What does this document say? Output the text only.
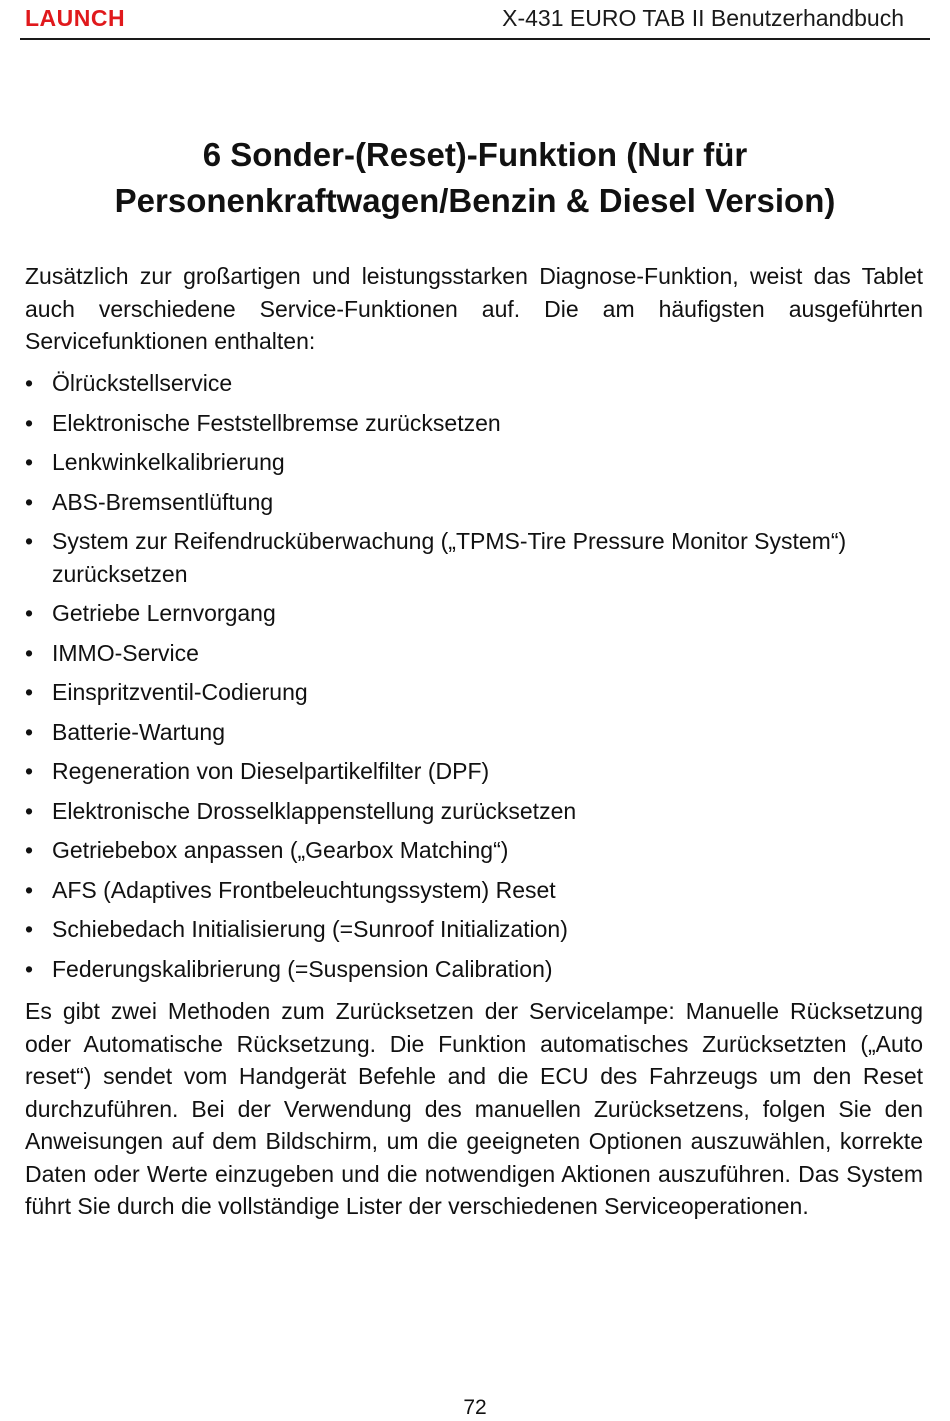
LAUNCH	X-431 EURO TAB II Benutzerhandbuch
6 Sonder-(Reset)-Funktion (Nur für Personenkraftwagen/Benzin & Diesel Version)

Zusätzlich zur großartigen und leistungsstarken Diagnose-Funktion, weist das Tablet auch verschiedene Service-Funktionen auf. Die am häufigsten ausgeführten Servicefunktionen enthalten:

• Ölrückstellservice
• Elektronische Feststellbremse zurücksetzen
• Lenkwinkelkalibrierung
• ABS-Bremsentlüftung
• System zur Reifendrucküberwachung („TPMS-Tire Pressure Monitor System“) zurücksetzen
• Getriebe Lernvorgang
• IMMO-Service
• Einspritzventil-Codierung
• Batterie-Wartung
• Regeneration von Dieselpartikelfilter (DPF)
• Elektronische Drosselklappenstellung zurücksetzen
• Getriebebox anpassen („Gearbox Matching“)
• AFS (Adaptives Frontbeleuchtungssystem) Reset
• Schiebedach Initialisierung (=Sunroof Initialization)
• Federungskalibrierung (=Suspension Calibration)

Es gibt zwei Methoden zum Zurücksetzen der Servicelampe: Manuelle Rücksetzung oder Automatische Rücksetzung. Die Funktion automatisches Zurücksetzten („Auto reset“) sendet vom Handgerät Befehle and die ECU des Fahrzeugs um den Reset durchzuführen. Bei der Verwendung des manuellen Zurücksetzens, folgen Sie den Anweisungen auf dem Bildschirm, um die geeigneten Optionen auszuwählen, korrekte Daten oder Werte einzugeben und die notwendigen Aktionen auszuführen. Das System führt Sie durch die vollständige Lister der verschiedenen Serviceoperationen.

72
